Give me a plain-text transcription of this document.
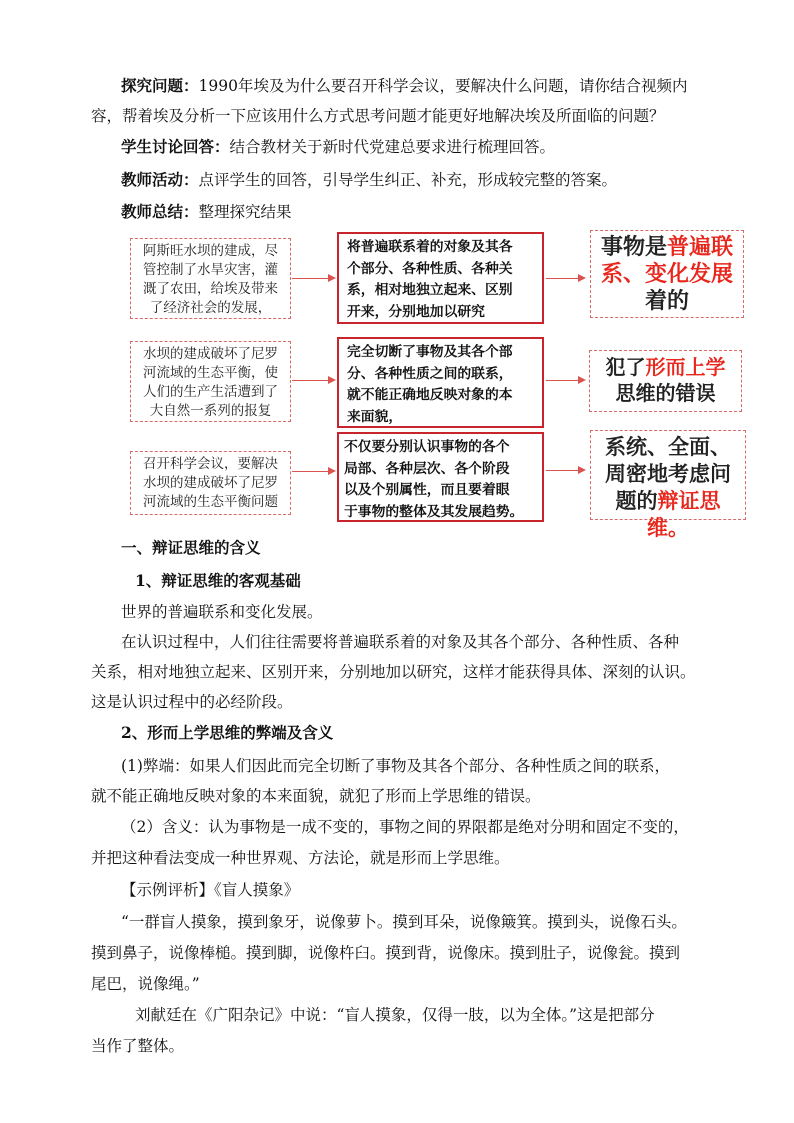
探究问题：1990年埃及为什么要召开科学会议，要解决什么问题，请你结合视频内
容，帮着埃及分析一下应该用什么方式思考问题才能更好地解决埃及所面临的问题？
学生讨论回答：结合教材关于新时代党建总要求进行梳理回答。
教师活动：点评学生的回答，引导学生纠正、补充，形成较完整的答案。
教师总结：整理探究结果
阿斯旺水坝的建成，尽
管控制了水旱灾害，灌
溉了农田，给埃及带来
了经济社会的发展，
将普遍联系着的对象及其各
个部分、各种性质、各种关
系，相对地独立起来、区别
开来，分别地加以研究
事物是普遍联
系、变化发展
着的
水坝的建成破坏了尼罗
河流域的生态平衡，使
人们的生产生活遭到了
大自然一系列的报复
完全切断了事物及其各个部
分、各种性质之间的联系，
就不能正确地反映对象的本
来面貌，
犯了形而上学
思维的错误
召开科学会议，要解决
水坝的建成破坏了尼罗
河流域的生态平衡问题
不仅要分别认识事物的各个
局部、各种层次、各个阶段
以及个别属性，而且要着眼
于事物的整体及其发展趋势。
系统、全面、
周密地考虑问
题的辩证思维。
一、辩证思维的含义
1、辩证思维的客观基础
世界的普遍联系和变化发展。
在认识过程中，人们往往需要将普遍联系着的对象及其各个部分、各种性质、各种
关系，相对地独立起来、区别开来，分别地加以研究，这样才能获得具体、深刻的认识。
这是认识过程中的必经阶段。
2、形而上学思维的弊端及含义
(1)弊端：如果人们因此而完全切断了事物及其各个部分、各种性质之间的联系，
就不能正确地反映对象的本来面貌，就犯了形而上学思维的错误。
（2）含义：认为事物是一成不变的，事物之间的界限都是绝对分明和固定不变的，
并把这种看法变成一种世界观、方法论，就是形而上学思维。
【示例评析】《盲人摸象》
“一群盲人摸象，摸到象牙，说像萝卜。摸到耳朵，说像簸箕。摸到头，说像石头。
摸到鼻子，说像棒槌。摸到脚，说像杵臼。摸到背，说像床。摸到肚子，说像瓮。摸到
尾巴，说像绳。”
刘献廷在《广阳杂记》中说：“盲人摸象，仅得一肢，以为全体。”这是把部分
当作了整体。
